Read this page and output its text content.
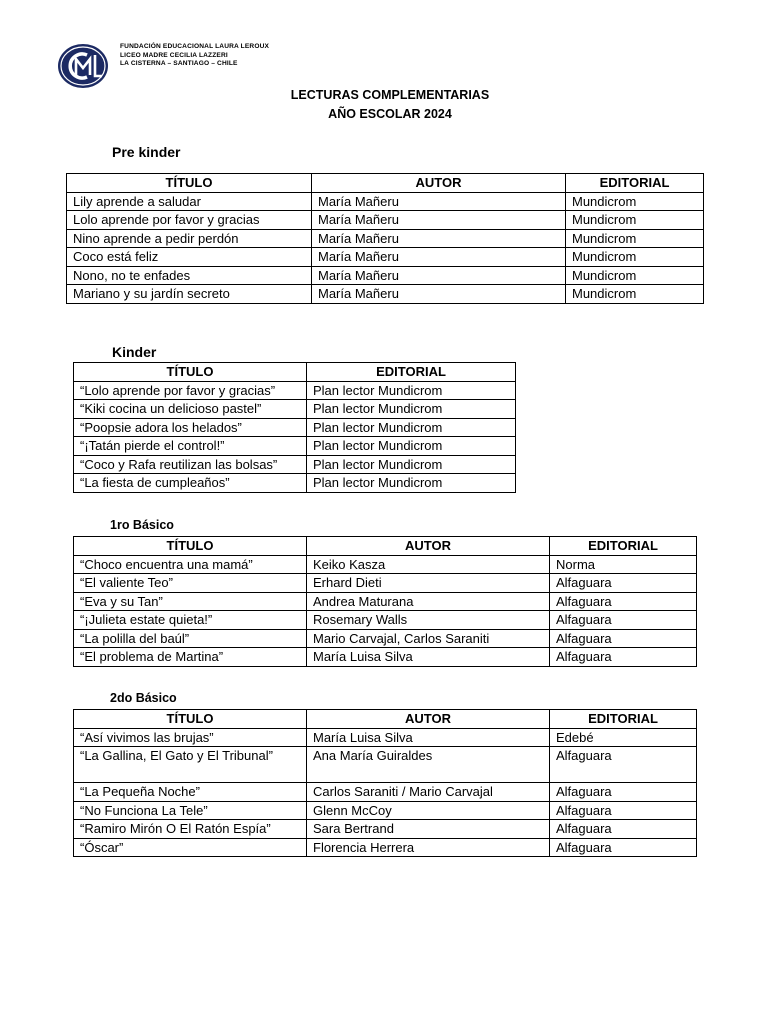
FUNDACIÓN EDUCACIONAL LAURA LEROUX
LICEO MADRE CECILIA LAZZERI
LA CISTERNA – SANTIAGO – CHILE
LECTURAS COMPLEMENTARIAS
AÑO ESCOLAR 2024
Pre kinder
TÍTULO	AUTOR	EDITORIAL
Lily aprende a saludar	María Mañeru	Mundicrom
Lolo aprende por favor y gracias	María Mañeru	Mundicrom
Nino aprende a pedir perdón	María Mañeru	Mundicrom
Coco está feliz	María Mañeru	Mundicrom
Nono, no te enfades	María Mañeru	Mundicrom
Mariano y su jardín secreto	María Mañeru	Mundicrom
Kinder
TÍTULO	EDITORIAL
“Lolo aprende por favor y gracias”	Plan lector Mundicrom
“Kiki cocina un delicioso pastel”	Plan lector Mundicrom
“Poopsie adora los helados”	Plan lector Mundicrom
“¡Tatán pierde el control!”	Plan lector Mundicrom
“Coco y Rafa reutilizan las bolsas”	Plan lector Mundicrom
“La fiesta de cumpleaños”	Plan lector Mundicrom
1ro Básico
TÍTULO	AUTOR	EDITORIAL
“Choco encuentra una mamá”	Keiko Kasza	Norma
“El valiente Teo”	Erhard Dieti	Alfaguara
“Eva y su Tan”	Andrea Maturana	Alfaguara
“¡Julieta estate quieta!”	Rosemary Walls	Alfaguara
“La polilla del baúl”	Mario Carvajal, Carlos Saraniti	Alfaguara
“El problema de Martina”	María Luisa Silva	Alfaguara
2do Básico
TÍTULO	AUTOR	EDITORIAL
“Así vivimos las brujas”	María Luisa Silva	Edebé
“La Gallina, El Gato y El Tribunal”	Ana María Guiraldes	Alfaguara
“La Pequeña Noche”	Carlos Saraniti / Mario Carvajal	Alfaguara
“No Funciona La Tele”	Glenn McCoy	Alfaguara
“Ramiro Mirón O El Ratón Espía”	Sara Bertrand	Alfaguara
“Óscar”	Florencia Herrera	Alfaguara
